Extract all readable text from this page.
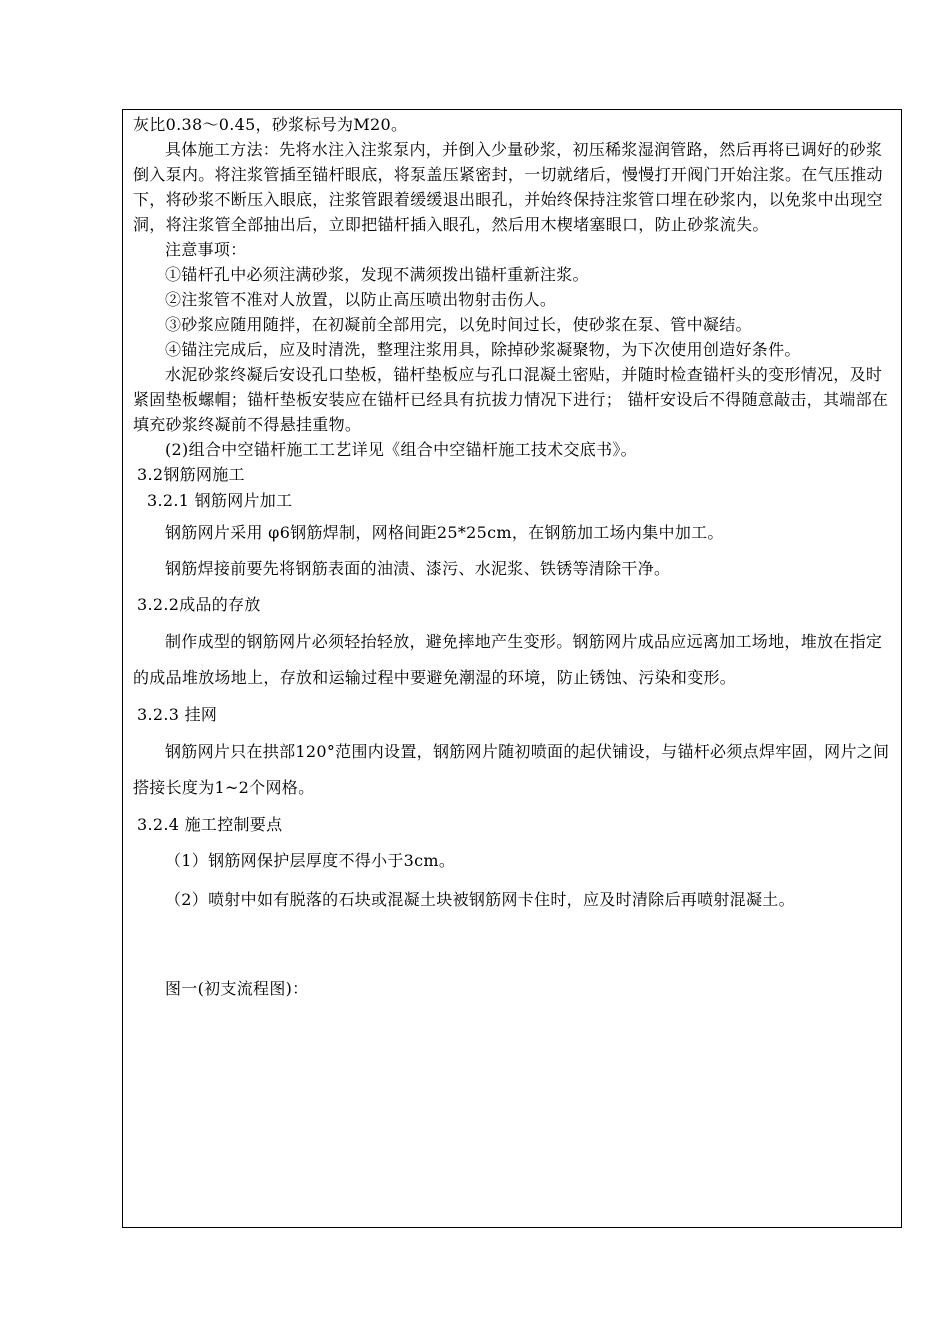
灰比0.38～0.45，砂浆标号为M20。

具体施工方法：先将水注入注浆泵内，并倒入少量砂浆，初压稀浆湿润管路，然后再将已调好的砂浆倒入泵内。将注浆管插至锚杆眼底，将泵盖压紧密封，一切就绪后，慢慢打开阀门开始注浆。在气压推动下，将砂浆不断压入眼底，注浆管跟着缓缓退出眼孔，并始终保持注浆管口埋在砂浆内，以免浆中出现空洞，将注浆管全部抽出后，立即把锚杆插入眼孔，然后用木楔堵塞眼口，防止砂浆流失。

注意事项：

①锚杆孔中必须注满砂浆，发现不满须拨出锚杆重新注浆。

②注浆管不准对人放置，以防止高压喷出物射击伤人。

③砂浆应随用随拌，在初凝前全部用完，以免时间过长，使砂浆在泵、管中凝结。

④锚注完成后，应及时清洗，整理注浆用具，除掉砂浆凝聚物，为下次使用创造好条件。

水泥砂浆终凝后安设孔口垫板，锚杆垫板应与孔口混凝土密贴，并随时检查锚杆头的变形情况，及时紧固垫板螺帽；锚杆垫板安装应在锚杆已经具有抗拔力情况下进行； 锚杆安设后不得随意敲击，其端部在填充砂浆终凝前不得悬挂重物。

(2)组合中空锚杆施工工艺详见《组合中空锚杆施工技术交底书》。

3.2钢筋网施工

3.2.1 钢筋网片加工

钢筋网片采用 φ6钢筋焊制，网格间距25*25cm，在钢筋加工场内集中加工。

钢筋焊接前要先将钢筋表面的油渍、漆污、水泥浆、铁锈等清除干净。

3.2.2成品的存放

制作成型的钢筋网片必须轻抬轻放，避免摔地产生变形。钢筋网片成品应远离加工场地，堆放在指定的成品堆放场地上，存放和运输过程中要避免潮湿的环境，防止锈蚀、污染和变形。

3.2.3 挂网

钢筋网片只在拱部120°范围内设置，钢筋网片随初喷面的起伏铺设，与锚杆必须点焊牢固，网片之间搭接长度为1~2个网格。

3.2.4 施工控制要点

（1）钢筋网保护层厚度不得小于3cm。

（2）喷射中如有脱落的石块或混凝土块被钢筋网卡住时，应及时清除后再喷射混凝土。

图一(初支流程图)：
